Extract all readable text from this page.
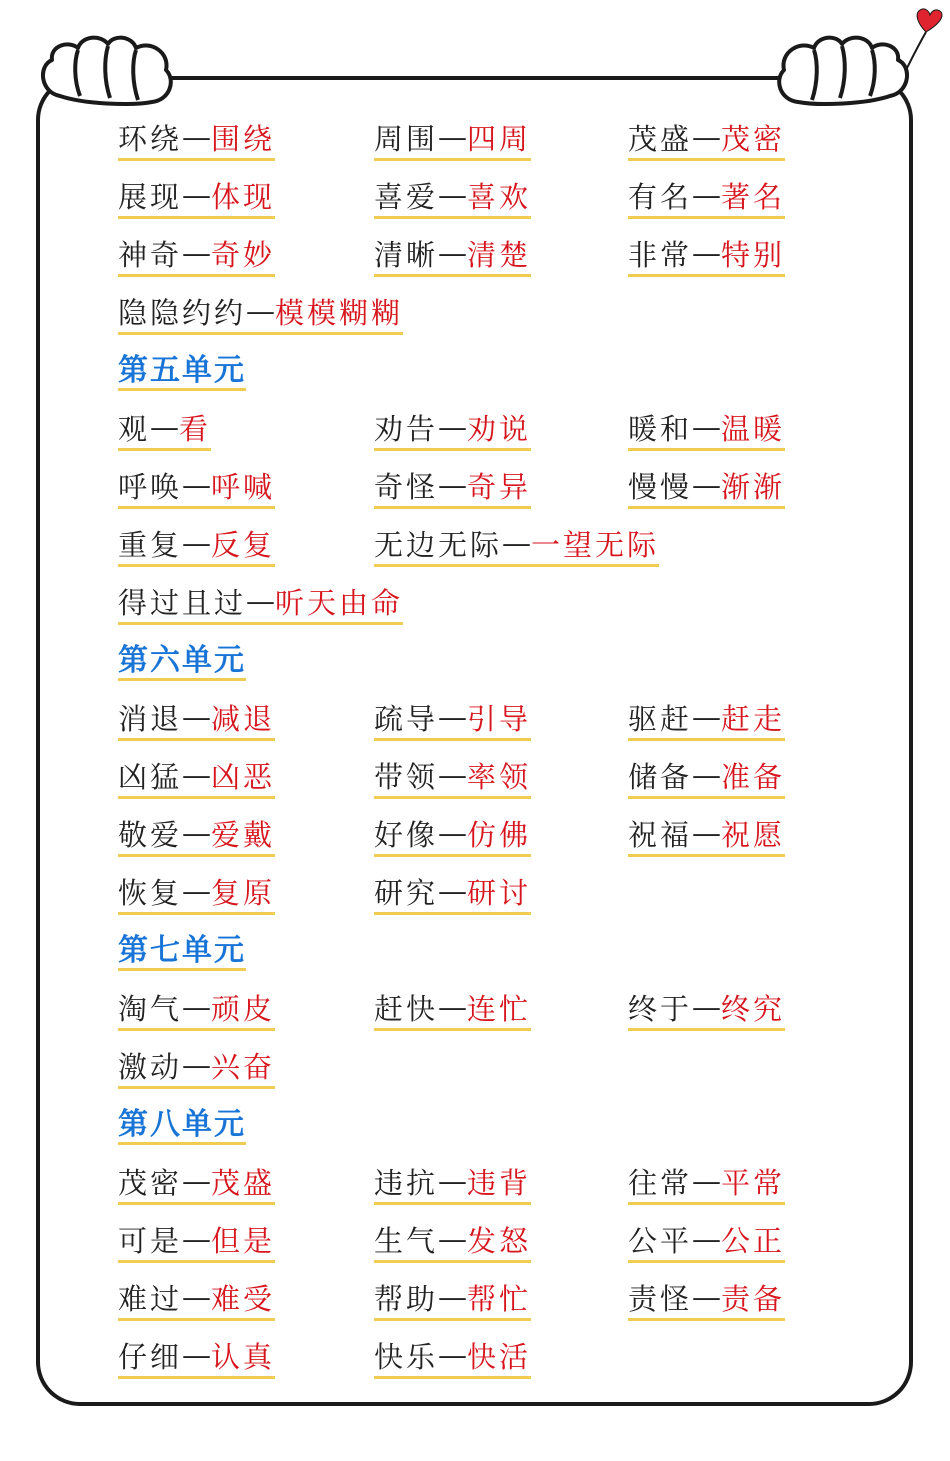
环绕 — 围绕	周围 — 四周	茂盛 — 茂密
展现 — 体现	喜爱 — 喜欢	有名 — 著名
神奇 — 奇妙	清晰 — 清楚	非常 — 特别
隐隐约约 — 模模糊糊
第五单元
观 — 看	劝告 — 劝说	暖和 — 温暖
呼唤 — 呼喊	奇怪 — 奇异	慢慢 — 渐渐
重复 — 反复	无边无际 — 一望无际
得过且过 — 听天由命
第六单元
消退 — 减退	疏导 — 引导	驱赶 — 赶走
凶猛 — 凶恶	带领 — 率领	储备 — 准备
敬爱 — 爱戴	好像 — 仿佛	祝福 — 祝愿
恢复 — 复原	研究 — 研讨
第七单元
淘气 — 顽皮	赶快 — 连忙	终于 — 终究
激动 — 兴奋
第八单元
茂密 — 茂盛	违抗 — 违背	往常 — 平常
可是 — 但是	生气 — 发怒	公平 — 公正
难过 — 难受	帮助 — 帮忙	责怪 — 责备
仔细 — 认真	快乐 — 快活
